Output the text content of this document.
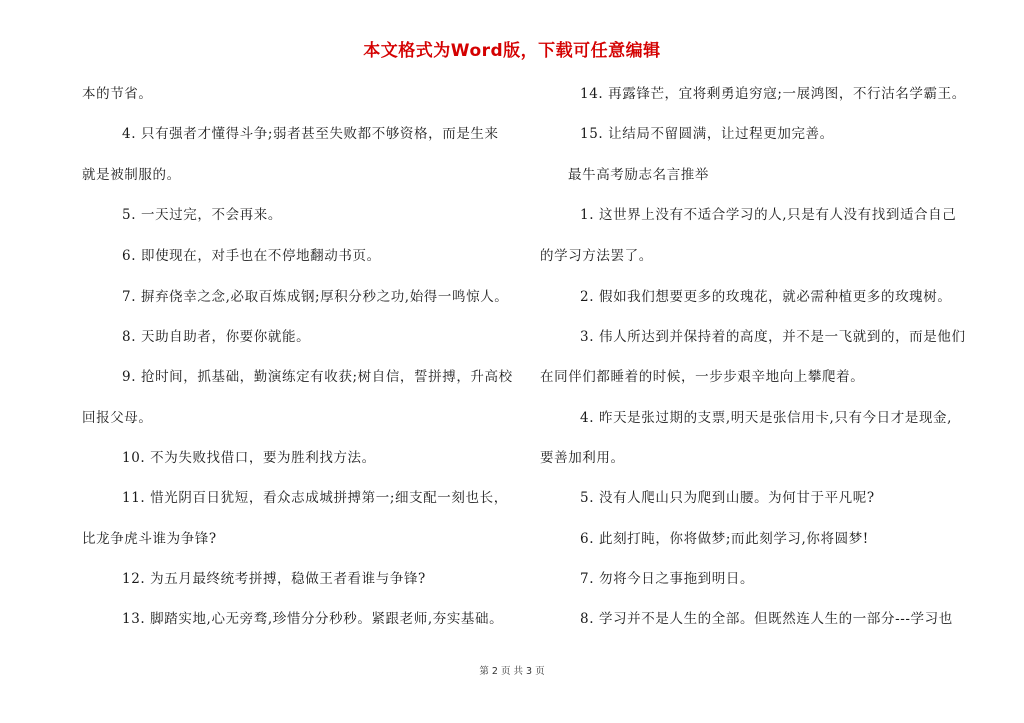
本文格式为Word版，下载可任意编辑
本的节省。
4. 只有强者才懂得斗争;弱者甚至失败都不够资格，而是生来
就是被制服的。
5. 一天过完，不会再来。
6. 即使现在，对手也在不停地翻动书页。
7. 摒弃侥幸之念,必取百炼成钢;厚积分秒之功,始得一鸣惊人。
8. 天助自助者，你要你就能。
9. 抢时间，抓基础，勤演练定有收获;树自信，誓拼搏，升高校
回报父母。
10. 不为失败找借口，要为胜利找方法。
11. 惜光阴百日犹短，看众志成城拼搏第一;细支配一刻也长，
比龙争虎斗谁为争锋?
12. 为五月最终统考拼搏，稳做王者看谁与争锋?
13. 脚踏实地,心无旁骛,珍惜分分秒秒。紧跟老师,夯实基础。
14. 再露锋芒，宜将剩勇追穷寇;一展鸿图，不行沽名学霸王。
15. 让结局不留圆满，让过程更加完善。
最牛高考励志名言推举
1. 这世界上没有不适合学习的人,只是有人没有找到适合自己
的学习方法罢了。
2. 假如我们想要更多的玫瑰花，就必需种植更多的玫瑰树。
3. 伟人所达到并保持着的高度，并不是一飞就到的，而是他们
在同伴们都睡着的时候，一步步艰辛地向上攀爬着。
4. 昨天是张过期的支票,明天是张信用卡,只有今日才是现金,
要善加利用。
5. 没有人爬山只为爬到山腰。为何甘于平凡呢?
6. 此刻打盹，你将做梦;而此刻学习,你将圆梦!
7. 勿将今日之事拖到明日。
8. 学习并不是人生的全部。但既然连人生的一部分---学习也
第 2 页 共 3 页
